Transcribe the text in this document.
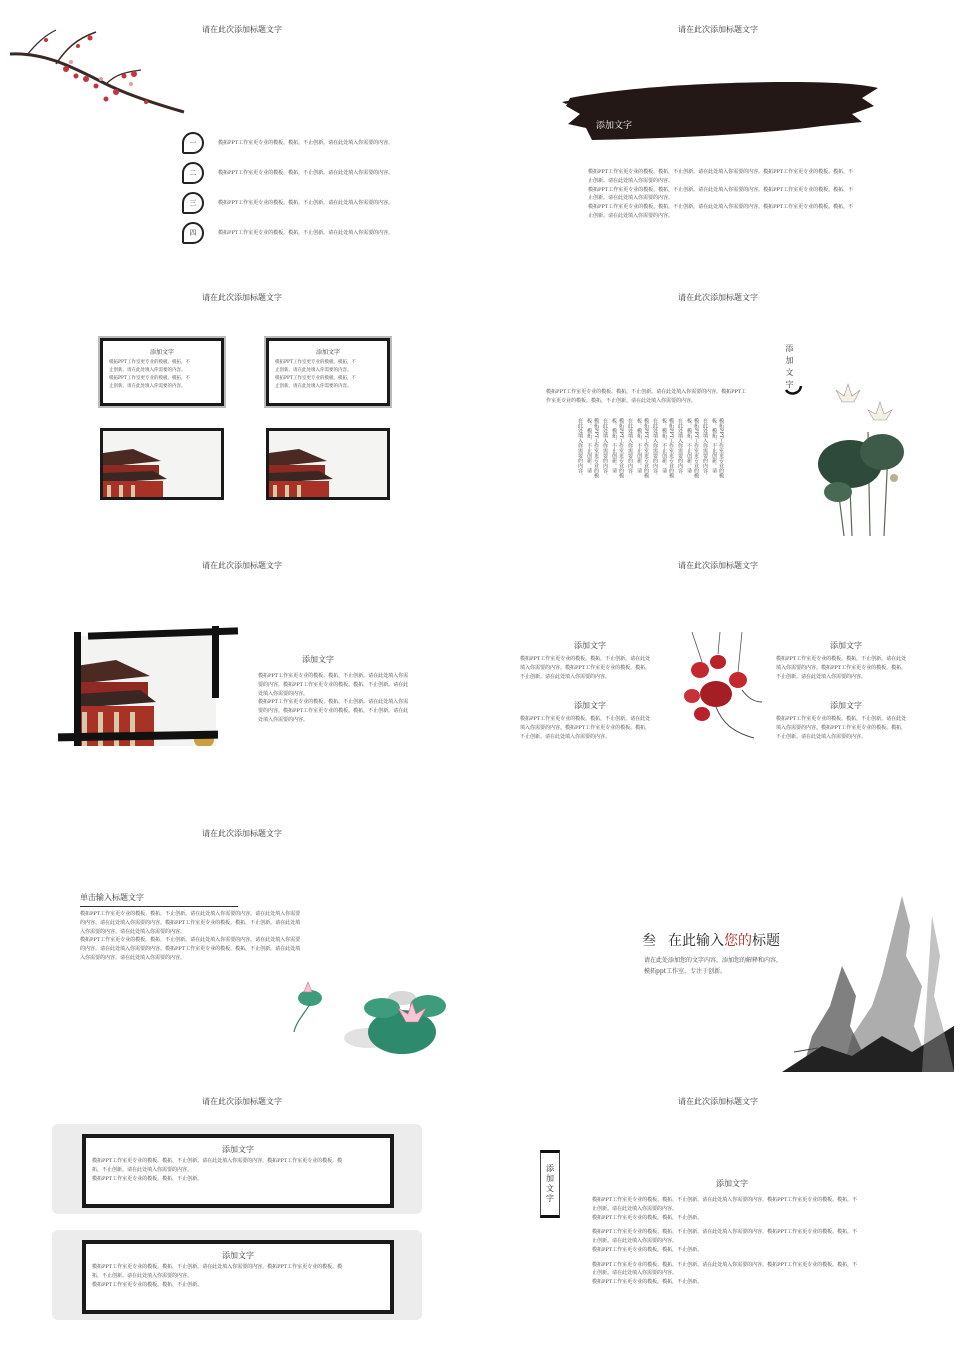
请在此次添加标题文字
一	模拓PPT工作室更专业的模板。模拓，不止创新。请在此处填入你需要的内容。
二	模拓PPT工作室更专业的模板。模拓，不止创新。请在此处填入你需要的内容。
三	模拓PPT工作室更专业的模板。模拓，不止创新。请在此处填入你需要的内容。
四	模拓PPT工作室更专业的模板。模拓，不止创新。请在此处填入你需要的内容。
请在此次添加标题文字
添加文字

模拓PPT工作室更专业的模板。模拓，不止创新。请在此处填入你需要的内容。模拓PPT工作室更专业的模板。模拓，不

止创新。请在此处填入你需要的内容。

模拓PPT工作室更专业的模板。模拓，不止创新。请在此处填入你需要的内容。模拓PPT工作室更专业的模板。模拓，不

止创新。请在此处填入你需要的内容。

模拓PPT工作室更专业的模板。模拓，不止创新。请在此处填入你需要的内容。模拓PPT工作室更专业的模板。模拓，不

止创新。请在此处填入你需要的内容。

请在此次添加标题文字
添加文字

模拓PPT工作室更专业的模板。模拓，不

止创新。请在此处填入你需要的内容。

模拓PPT工作室更专业的模板。模拓，不

止创新。请在此处填入你需要的内容。

添加文字

模拓PPT工作室更专业的模板。模拓，不

止创新。请在此处填入你需要的内容。

模拓PPT工作室更专业的模板。模拓，不

止创新。请在此处填入你需要的内容。

请在此次添加标题文字
添加文字

模拓PPT工作室更专业的模板。模拓，不止创新。请在此处填入你需要的内容。模拓PPT工

作室更专业的模板。模拓，不止创新。请在此处填入你需要的内容。

模拓PPT工作室更专业的模板。模拓，不止创新。请
在此处填入你需要的内容。
模拓PPT工作室更专业的模板。模拓，不止创新。请
在此处填入你需要的内容。
模拓PPT工作室更专业的模板。模拓，不止创新。请
在此处填入你需要的内容。
模拓PPT工作室更专业的模板。模拓，不止创新。请
在此处填入你需要的内容。
模拓PPT工作室更专业的模板。模拓，不止创新。请
在此处填入你需要的内容。
模拓PPT工作室更专业的模板。模拓，不止创新。请
在此处填入你需要的内容。
请在此次添加标题文字
添加文字

模拓PPT工作室更专业的模板。模拓，不止创新。请在此处填入你需

要的内容。模拓PPT工作室更专业的模板。模拓，不止创新。请在此

处填入你需要的内容。

模拓PPT工作室更专业的模板。模拓，不止创新。请在此处填入你需

要的内容。模拓PPT工作室更专业的模板。模拓，不止创新。请在此

处填入你需要的内容。

请在此次添加标题文字
添加文字

模拓PPT工作室更专业的模板。模拓，不止创新。请在此处

填入你需要的内容。模拓PPT工作室更专业的模板。模拓，

不止创新。请在此处填入你需要的内容。

添加文字

模拓PPT工作室更专业的模板。模拓，不止创新。请在此处

填入你需要的内容。模拓PPT工作室更专业的模板。模拓，

不止创新。请在此处填入你需要的内容。

添加文字

模拓PPT工作室更专业的模板。模拓，不止创新。请在此处

填入你需要的内容。模拓PPT工作室更专业的模板。模拓，

不止创新。请在此处填入你需要的内容。

添加文字

模拓PPT工作室更专业的模板。模拓，不止创新。请在此处

填入你需要的内容。模拓PPT工作室更专业的模板。模拓，

不止创新。请在此处填入你需要的内容。

请在此次添加标题文字
单击输入标题文字

模拓PPT工作室更专业的模板。模拓，不止创新。请在此处填入你需要的内容。请在此处填入你需要

的内容。请在此处填入你需要的内容。模拓PPT工作室更专业的模板。模拓，不止创新。请在此处填

入你需要的内容。请在此处填入你需要的内容。

模拓PPT工作室更专业的模板。模拓，不止创新。请在此处填入你需要的内容。请在此处填入你需要

的内容。请在此处填入你需要的内容。模拓PPT工作室更专业的模板。模拓，不止创新。请在此处填

入你需要的内容。请在此处填入你需要的内容。

叁 在此输入 您的 标题

请在此处添加您的文字内容，添加您的解释和内容，

模拓ppt工作室，专注于创新。

请在此次添加标题文字
添加文字

模拓PPT工作室更专业的模板。模拓，不止创新。请在此处填入你需要的内容。模拓PPT工作室更专业的模板。模

拓，不止创新。请在此处填入你需要的内容。

模拓PPT工作室更专业的模板。模拓，不止创新。

添加文字

模拓PPT工作室更专业的模板。模拓，不止创新。请在此处填入你需要的内容。模拓PPT工作室更专业的模板。模

拓，不止创新。请在此处填入你需要的内容。

模拓PPT工作室更专业的模板。模拓，不止创新。

请在此次添加标题文字
添加文字	添加文字

模拓PPT工作室更专业的模板。模拓，不止创新。请在此处填入你需要的内容。模拓PPT工作室更专业的模板。模拓，不

止创新。请在此处填入你需要的内容。

模拓PPT工作室更专业的模板。模拓，不止创新。

模拓PPT工作室更专业的模板。模拓，不止创新。请在此处填入你需要的内容。模拓PPT工作室更专业的模板。模拓，不

止创新。请在此处填入你需要的内容。

模拓PPT工作室更专业的模板。模拓，不止创新。

模拓PPT工作室更专业的模板。模拓，不止创新。请在此处填入你需要的内容。模拓PPT工作室更专业的模板。模拓，不

止创新。请在此处填入你需要的内容。

模拓PPT工作室更专业的模板。模拓，不止创新。
